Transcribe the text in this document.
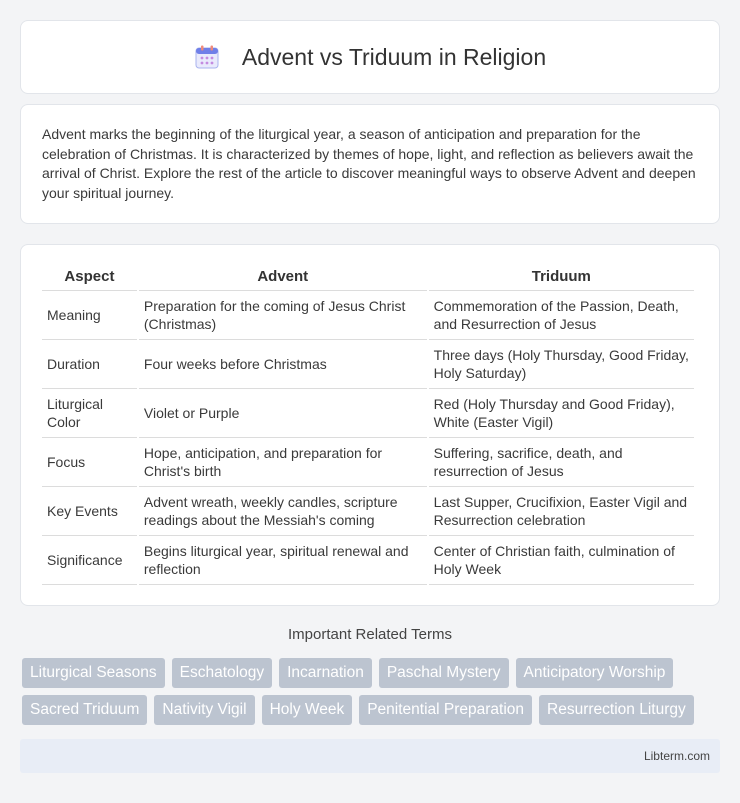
Advent vs Triduum in Religion

Advent marks the beginning of the liturgical year, a season of anticipation and preparation for the celebration of Christmas. It is characterized by themes of hope, light, and reflection as believers await the arrival of Christ. Explore the rest of the article to discover meaningful ways to observe Advent and deepen your spiritual journey.

Aspect	Advent	Triduum
Meaning	Preparation for the coming of Jesus Christ (Christmas)	Commemoration of the Passion, Death, and Resurrection of Jesus
Duration	Four weeks before Christmas	Three days (Holy Thursday, Good Friday, Holy Saturday)
Liturgical Color	Violet or Purple	Red (Holy Thursday and Good Friday), White (Easter Vigil)
Focus	Hope, anticipation, and preparation for Christ's birth	Suffering, sacrifice, death, and resurrection of Jesus
Key Events	Advent wreath, weekly candles, scripture readings about the Messiah's coming	Last Supper, Crucifixion, Easter Vigil and Resurrection celebration
Significance	Begins liturgical year, spiritual renewal and reflection	Center of Christian faith, culmination of Holy Week
Important Related Terms
Liturgical Seasons	Eschatology	Incarnation	Paschal Mystery	Anticipatory Worship
Sacred Triduum	Nativity Vigil	Holy Week	Penitential Preparation	Resurrection Liturgy
Libterm.com
